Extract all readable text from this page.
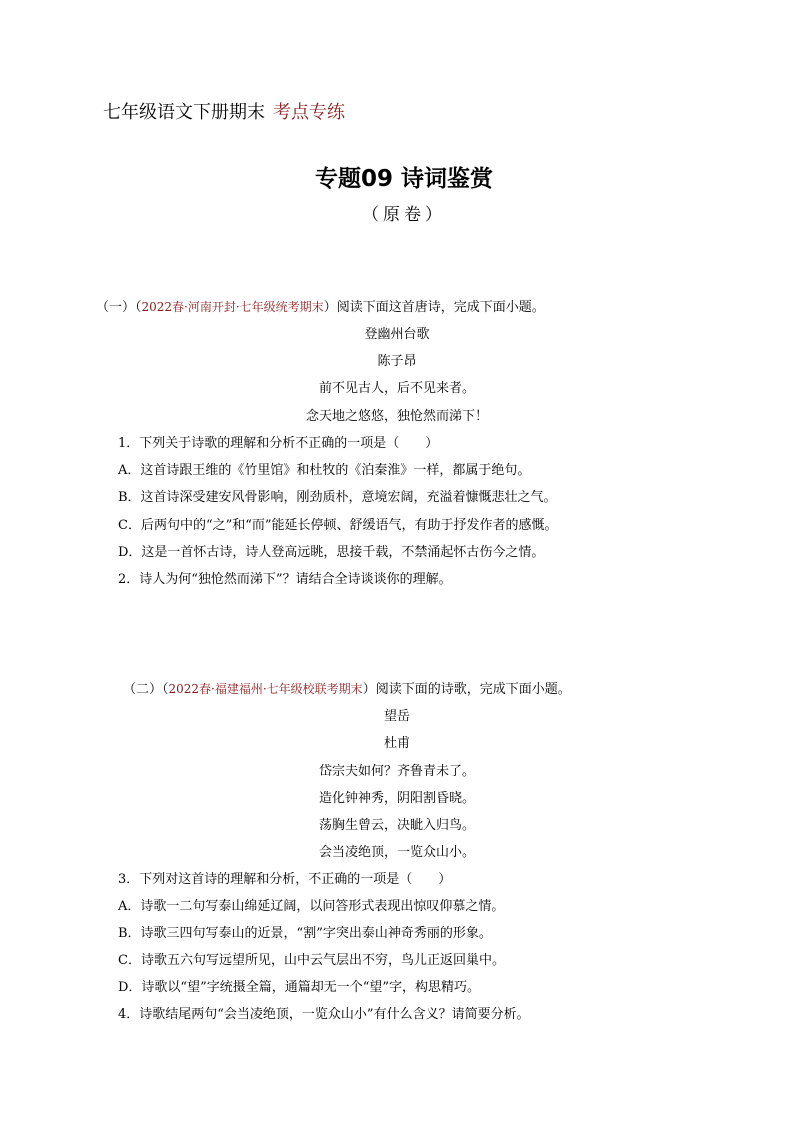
七年级语文下册期末 考点专练
专题09 诗词鉴赏
（原卷）
（一）（2022春·河南开封·七年级统考期末）阅读下面这首唐诗，完成下面小题。
登幽州台歌
陈子昂
前不见古人，后不见来者。
念天地之悠悠，独怆然而涕下！
1．下列关于诗歌的理解和分析不正确的一项是（　　）
A．这首诗跟王维的《竹里馆》和杜牧的《泊秦淮》一样，都属于绝句。
B．这首诗深受建安风骨影响，刚劲质朴，意境宏阔，充溢着慷慨悲壮之气。
C．后两句中的“之”和“而”能延长停顿、舒缓语气，有助于抒发作者的感慨。
D．这是一首怀古诗，诗人登高远眺，思接千载，不禁涌起怀古伤今之情。
2．诗人为何“独怆然而涕下”？请结合全诗谈谈你的理解。
（二）（2022春·福建福州·七年级校联考期末）阅读下面的诗歌，完成下面小题。
望岳
杜甫
岱宗夫如何？齐鲁青未了。
造化钟神秀，阴阳割昏晓。
荡胸生曾云，决眦入归鸟。
会当凌绝顶，一览众山小。
3．下列对这首诗的理解和分析，不正确的一项是（　　）
A．诗歌一二句写泰山绵延辽阔，以问答形式表现出惊叹仰慕之情。
B．诗歌三四句写泰山的近景，“割”字突出泰山神奇秀丽的形象。
C．诗歌五六句写远望所见，山中云气层出不穷，鸟儿正返回巢中。
D．诗歌以“望”字统摄全篇，通篇却无一个“望”字，构思精巧。
4．诗歌结尾两句“会当凌绝顶，一览众山小”有什么含义？请简要分析。
